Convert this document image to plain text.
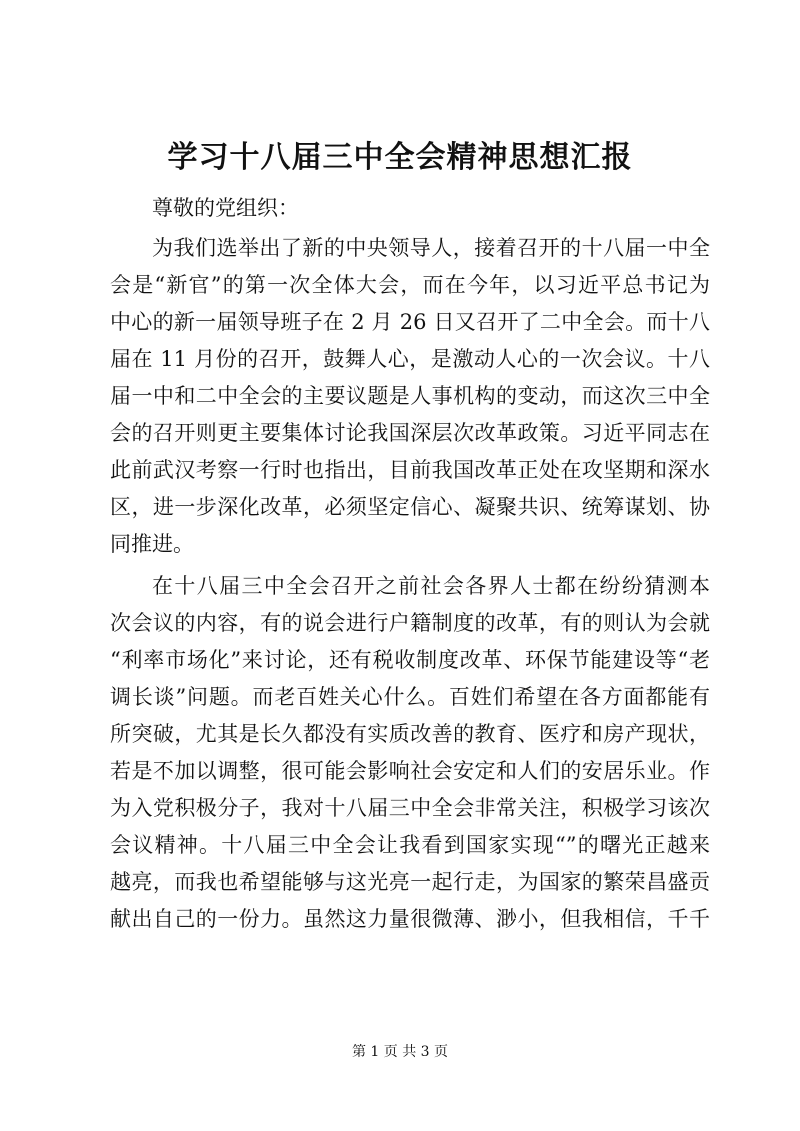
学习十八届三中全会精神思想汇报
尊敬的党组织：
为我们选举出了新的中央领导人，接着召开的十八届一中全
会是“新官”的第一次全体大会，而在今年，以习近平总书记为
中心的新一届领导班子在 2 月 26 日又召开了二中全会。而十八
届在 11 月份的召开，鼓舞人心，是激动人心的一次会议。十八
届一中和二中全会的主要议题是人事机构的变动，而这次三中全
会的召开则更主要集体讨论我国深层次改革政策。习近平同志在
此前武汉考察一行时也指出，目前我国改革正处在攻坚期和深水
区，进一步深化改革，必须坚定信心、凝聚共识、统筹谋划、协
同推进。
在十八届三中全会召开之前社会各界人士都在纷纷猜测本
次会议的内容，有的说会进行户籍制度的改革，有的则认为会就
“利率市场化”来讨论，还有税收制度改革、环保节能建设等“老
调长谈”问题。而老百姓关心什么。百姓们希望在各方面都能有
所突破，尤其是长久都没有实质改善的教育、医疗和房产现状，
若是不加以调整，很可能会影响社会安定和人们的安居乐业。作
为入党积极分子，我对十八届三中全会非常关注，积极学习该次
会议精神。十八届三中全会让我看到国家实现“”的曙光正越来
越亮，而我也希望能够与这光亮一起行走，为国家的繁荣昌盛贡
献出自己的一份力。虽然这力量很微薄、渺小，但我相信，千千
第 1 页 共 3 页
